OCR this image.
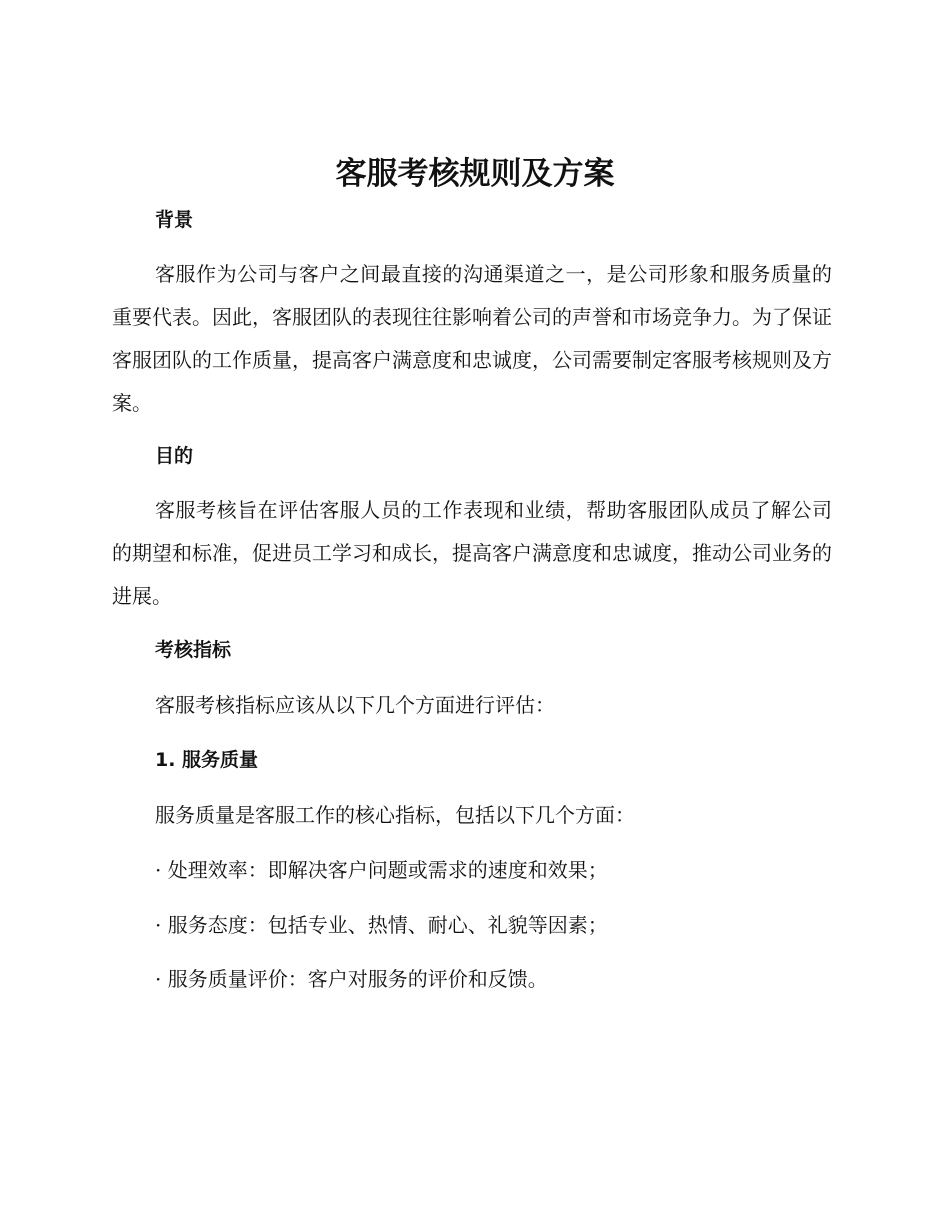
客服考核规则及方案
背景

客服作为公司与客户之间最直接的沟通渠道之一，是公司形象和服务质量的重要代表。因此，客服团队的表现往往影响着公司的声誉和市场竞争力。为了保证客服团队的工作质量，提高客户满意度和忠诚度，公司需要制定客服考核规则及方案。

目的

客服考核旨在评估客服人员的工作表现和业绩，帮助客服团队成员了解公司的期望和标准，促进员工学习和成长，提高客户满意度和忠诚度，推动公司业务的进展。

考核指标

客服考核指标应该从以下几个方面进行评估：

1. 服务质量

服务质量是客服工作的核心指标，包括以下几个方面：

· 处理效率：即解决客户问题或需求的速度和效果；

· 服务态度：包括专业、热情、耐心、礼貌等因素；

· 服务质量评价：客户对服务的评价和反馈。
